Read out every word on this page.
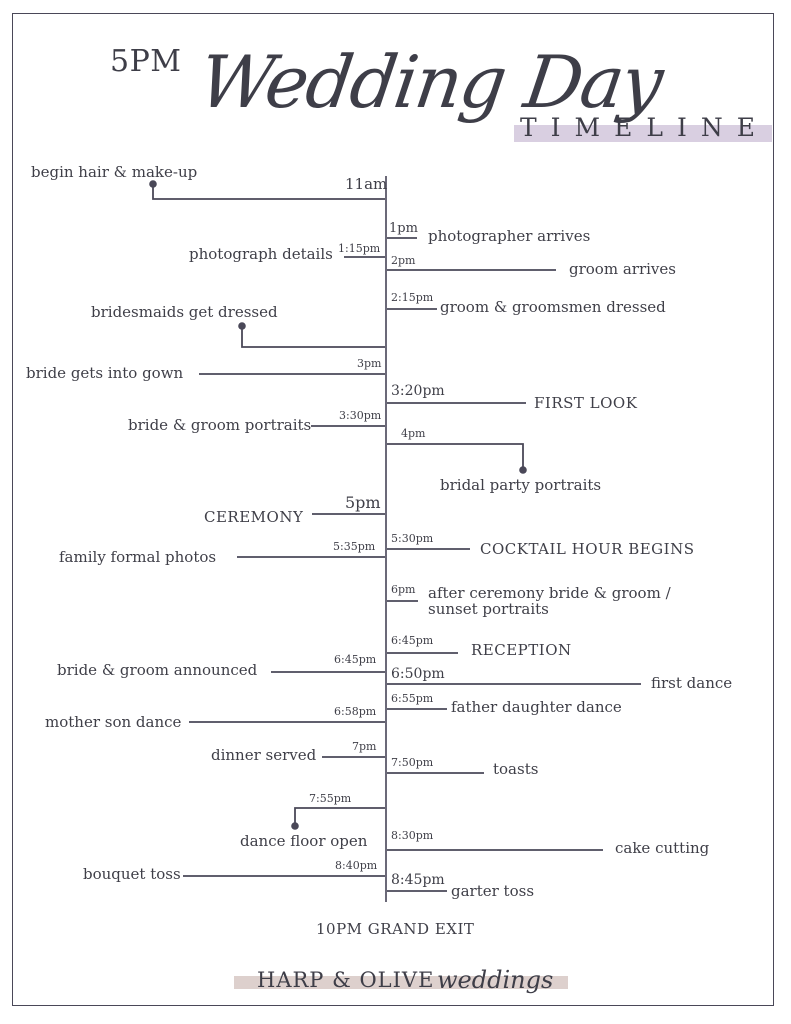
5PM Wedding Day
TIMELINE
begin hair & make-up
11am
1pm photographer arrives
photograph details 1:15pm
2pm	groom arrives
2:15pm
groom & groomsmen dressed
bridesmaids get dressed
3pm
bride gets into gown
3:20pm
FIRST LOOK
3:30pm
bride & groom portraits	4pm
bridal party portraits
5pm
CEREMONY
5:30pm
COCKTAIL HOUR BEGINS
5:35pm
family formal photos
6pm after ceremony bride & groom /
sunset portraits
6:45pm
RECEPTION
6:45pm
bride & groom announced	6:50pm	first dance
6:55pm father daughter dance
6:58pm
mother son dance
7pm
dinner served	7:50pm	toasts
7:55pm
dance floor open 8:30pm
cake cutting
8:40pm
bouquet toss	8:45pm
garter toss
10PM GRAND EXIT
HARP & OLIVE weddings
